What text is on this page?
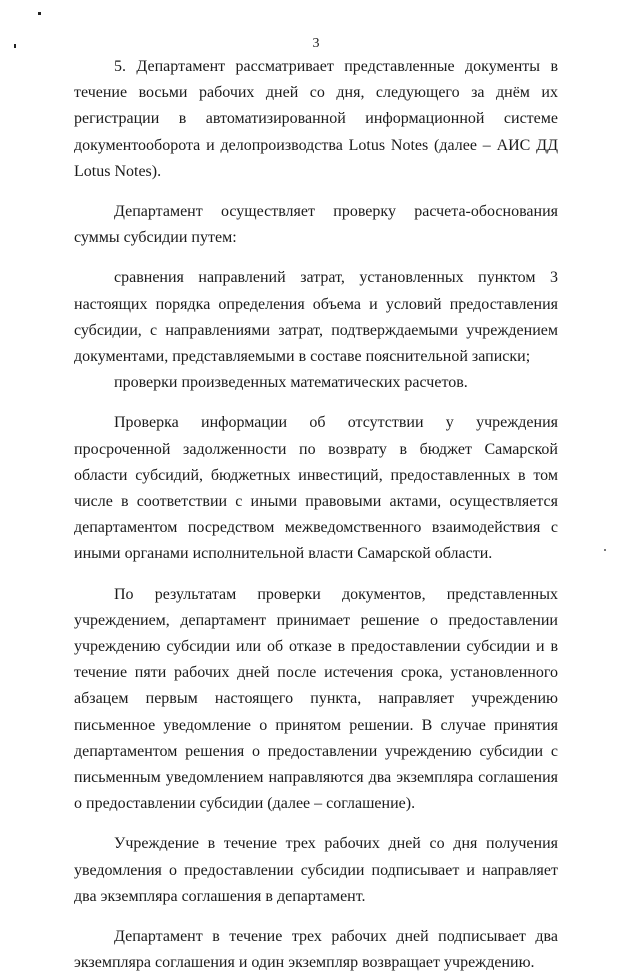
3

5. Департамент рассматривает представленные документы в течение восьми рабочих дней со дня, следующего за днём их регистрации в автоматизированной информационной системе документооборота и делопроизводства Lotus Notes (далее – АИС ДД Lotus Notes).

Департамент осуществляет проверку расчета-обоснования суммы субсидии путем:

сравнения направлений затрат, установленных пунктом 3 настоящих порядка определения объема и условий предоставления субсидии, с направлениями затрат, подтверждаемыми учреждением документами, представляемыми в составе пояснительной записки;

проверки произведенных математических расчетов.

Проверка информации об отсутствии у учреждения просроченной задолженности по возврату в бюджет Самарской области субсидий, бюджетных инвестиций, предоставленных в том числе в соответствии с иными правовыми актами, осуществляется департаментом посредством межведомственного взаимодействия с иными органами исполнительной власти Самарской области.

По результатам проверки документов, представленных учреждением, департамент принимает решение о предоставлении учреждению субсидии или об отказе в предоставлении субсидии и в течение пяти рабочих дней после истечения срока, установленного абзацем первым настоящего пункта, направляет учреждению письменное уведомление о принятом решении. В случае принятия департаментом решения о предоставлении учреждению субсидии с письменным уведомлением направляются два экземпляра соглашения о предоставлении субсидии (далее – соглашение).

Учреждение в течение трех рабочих дней со дня получения уведомления о предоставлении субсидии подписывает и направляет два экземпляра соглашения в департамент.

Департамент в течение трех рабочих дней подписывает два экземпляра соглашения и один экземпляр возвращает учреждению.
